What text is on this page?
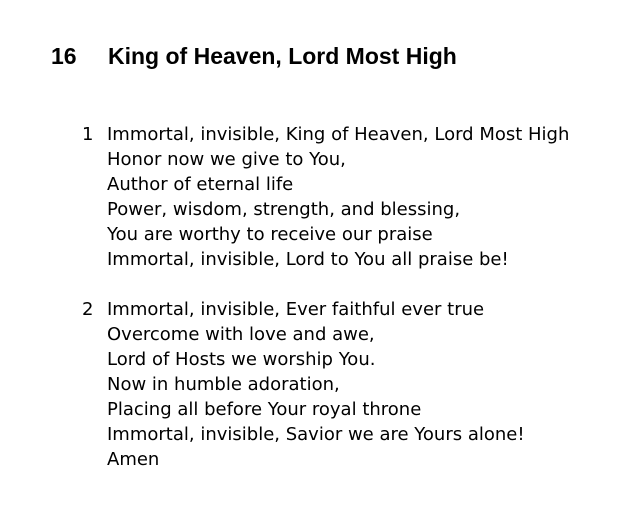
16 King of Heaven, Lord Most High
1 Immortal, invisible, King of Heaven, Lord Most High
Honor now we give to You,
Author of eternal life
Power, wisdom, strength, and blessing,
You are worthy to receive our praise
Immortal, invisible, Lord to You all praise be!
2 Immortal, invisible, Ever faithful ever true
Overcome with love and awe,
Lord of Hosts we worship You.
Now in humble adoration,
Placing all before Your royal throne
Immortal, invisible, Savior we are Yours alone!
Amen
